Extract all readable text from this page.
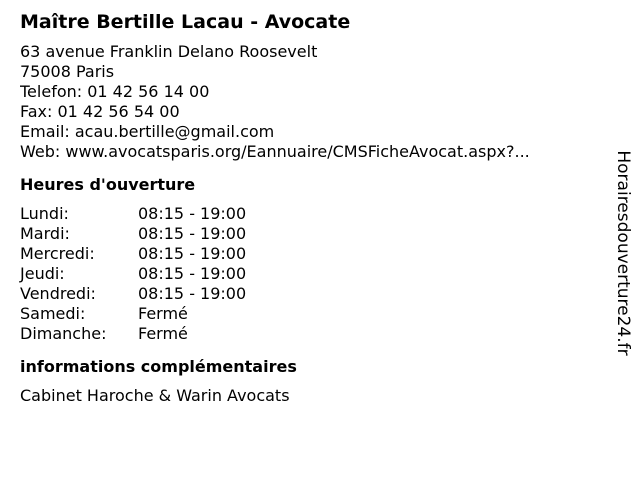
Maître Bertille Lacau - Avocate
63 avenue Franklin Delano Roosevelt
75008 Paris
Telefon: 01 42 56 14 00
Fax: 01 42 56 54 00
Email: acau.bertille@gmail.com
Web: www.avocatsparis.org/Eannuaire/CMSFicheAvocat.aspx?...
Heures d'ouverture
Lundi:	08:15 - 19:00
Mardi:	08:15 - 19:00
Mercredi:	08:15 - 19:00
Jeudi:	08:15 - 19:00
Vendredi:	08:15 - 19:00
Samedi:	Fermé
Dimanche: Fermé
informations complémentaires
Cabinet Haroche & Warin Avocats
Horairesdouverture24.fr
